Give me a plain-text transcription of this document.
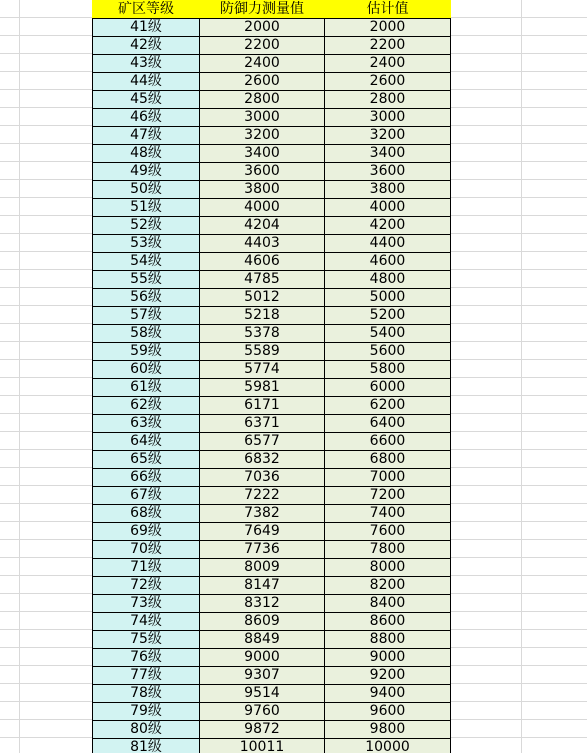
矿区等级	防御力测量值	估计值
41级	2000	2000
42级	2200	2200
43级	2400	2400
44级	2600	2600
45级	2800	2800
46级	3000	3000
47级	3200	3200
48级	3400	3400
49级	3600	3600
50级	3800	3800
51级	4000	4000
52级	4204	4200
53级	4403	4400
54级	4606	4600
55级	4785	4800
56级	5012	5000
57级	5218	5200
58级	5378	5400
59级	5589	5600
60级	5774	5800
61级	5981	6000
62级	6171	6200
63级	6371	6400
64级	6577	6600
65级	6832	6800
66级	7036	7000
67级	7222	7200
68级	7382	7400
69级	7649	7600
70级	7736	7800
71级	8009	8000
72级	8147	8200
73级	8312	8400
74级	8609	8600
75级	8849	8800
76级	9000	9000
77级	9307	9200
78级	9514	9400
79级	9760	9600
80级	9872	9800
81级	10011	10000
